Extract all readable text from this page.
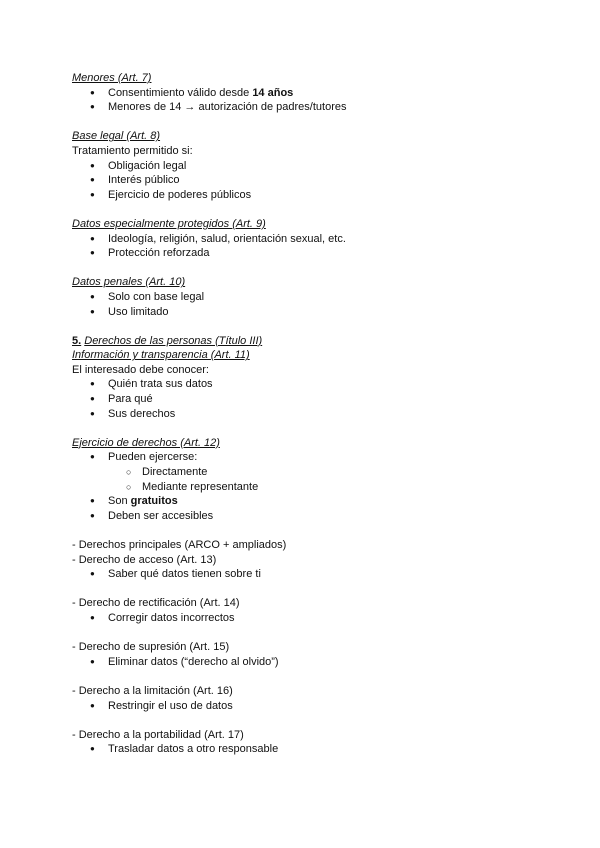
Menores (Art. 7)
● Consentimiento válido desde 14 años
● Menores de 14 → autorización de padres/tutores
Base legal (Art. 8)
Tratamiento permitido si:
● Obligación legal
● Interés público
● Ejercicio de poderes públicos
Datos especialmente protegidos (Art. 9)
● Ideología, religión, salud, orientación sexual, etc.
● Protección reforzada
Datos penales (Art. 10)
● Solo con base legal
● Uso limitado
5. Derechos de las personas (Título III)
Información y transparencia (Art. 11)
El interesado debe conocer:
● Quién trata sus datos
● Para qué
● Sus derechos
Ejercicio de derechos (Art. 12)
● Pueden ejercerse:
○ Directamente
○ Mediante representante
● Son gratuitos
● Deben ser accesibles
- Derechos principales (ARCO + ampliados)
- Derecho de acceso (Art. 13)
● Saber qué datos tienen sobre ti
- Derecho de rectificación (Art. 14)
● Corregir datos incorrectos
- Derecho de supresión (Art. 15)
● Eliminar datos (“derecho al olvido”)
- Derecho a la limitación (Art. 16)
● Restringir el uso de datos
- Derecho a la portabilidad (Art. 17)
● Trasladar datos a otro responsable
